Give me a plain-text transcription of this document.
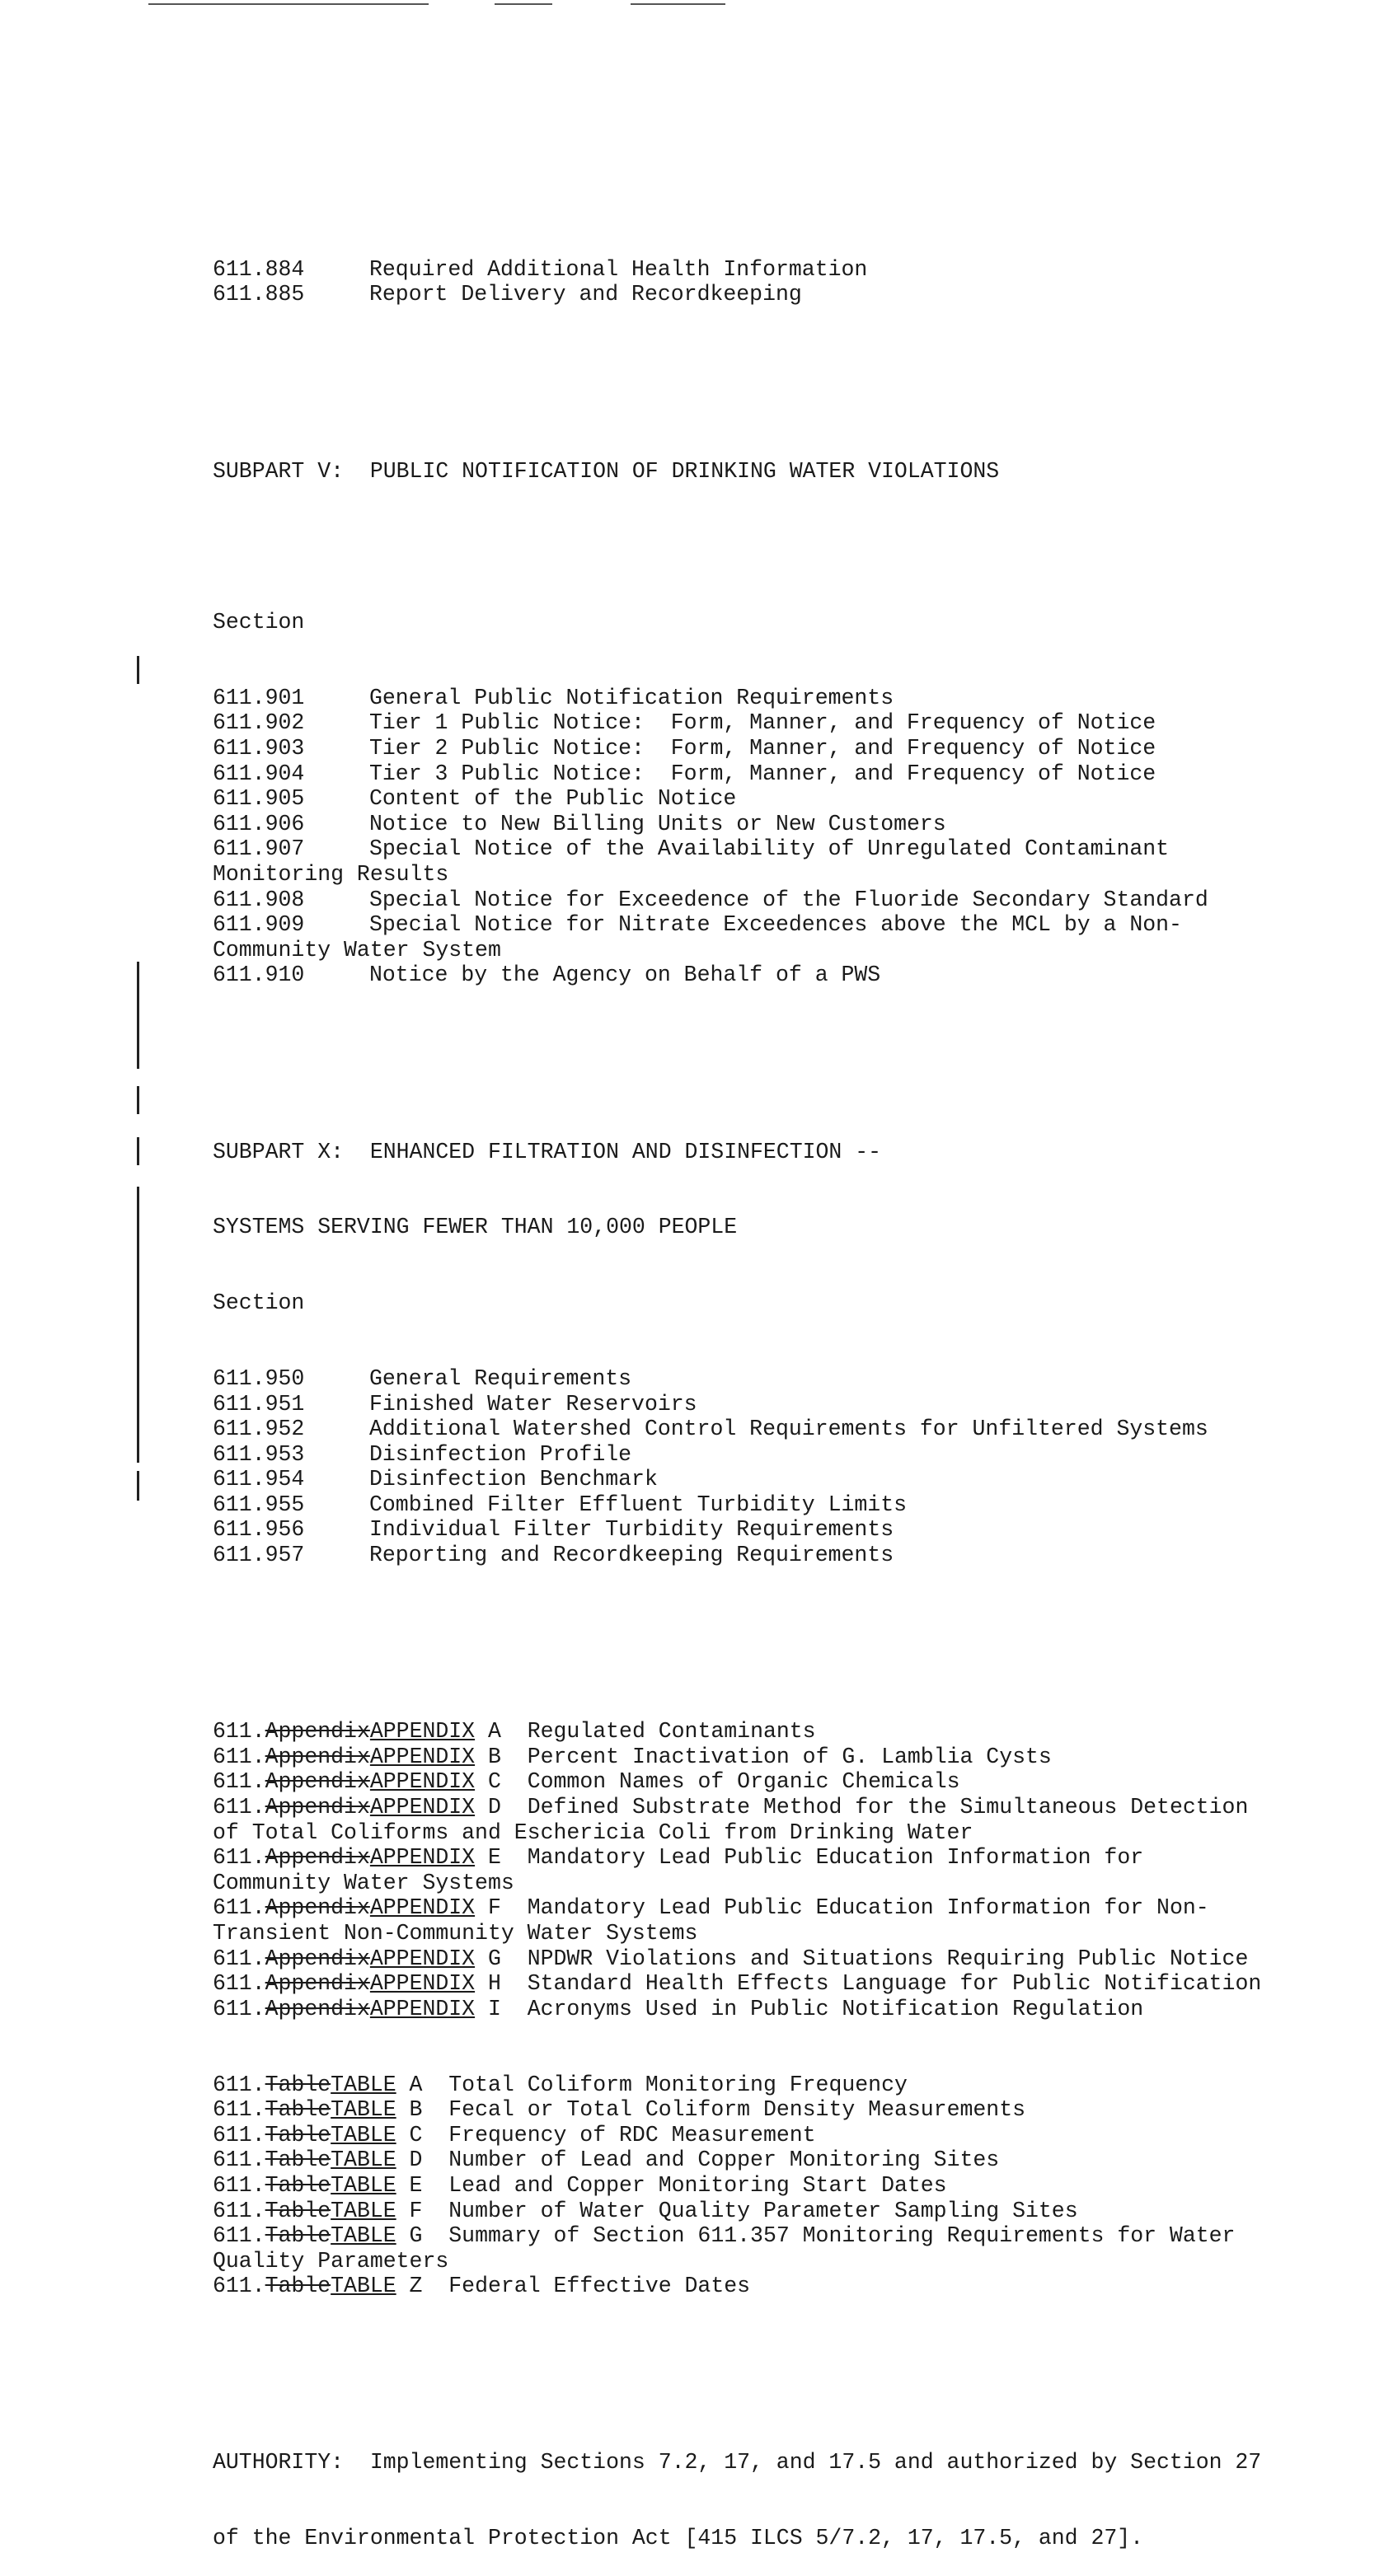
611.884	Required Additional Health Information
611.885	Report Delivery and Recordkeeping

SUBPART V:  PUBLIC NOTIFICATION OF DRINKING WATER VIOLATIONS

Section

611.901	General Public Notification Requirements
611.902	Tier 1 Public Notice:  Form, Manner, and Frequency of Notice
611.903	Tier 2 Public Notice:  Form, Manner, and Frequency of Notice
611.904	Tier 3 Public Notice:  Form, Manner, and Frequency of Notice
611.905	Content of the Public Notice
611.906	Notice to New Billing Units or New Customers
611.907	Special Notice of the Availability of Unregulated Contaminant
Monitoring Results
611.908	Special Notice for Exceedence of the Fluoride Secondary Standard
611.909	Special Notice for Nitrate Exceedences above the MCL by a Non-
Community Water System
611.910	Notice by the Agency on Behalf of a PWS

SUBPART X:  ENHANCED FILTRATION AND DISINFECTION --

SYSTEMS SERVING FEWER THAN 10,000 PEOPLE

Section

611.950	General Requirements
611.951	Finished Water Reservoirs
611.952	Additional Watershed Control Requirements for Unfiltered Systems
611.953	Disinfection Profile
611.954	Disinfection Benchmark
611.955	Combined Filter Effluent Turbidity Limits
611.956	Individual Filter Turbidity Requirements
611.957	Reporting and Recordkeeping Requirements

611.AppendixAPPENDIX A  Regulated Contaminants
611.AppendixAPPENDIX B  Percent Inactivation of G. Lamblia Cysts
611.AppendixAPPENDIX C  Common Names of Organic Chemicals
611.AppendixAPPENDIX D  Defined Substrate Method for the Simultaneous Detection
of Total Coliforms and Eschericia Coli from Drinking Water
611.AppendixAPPENDIX E  Mandatory Lead Public Education Information for
Community Water Systems
611.AppendixAPPENDIX F  Mandatory Lead Public Education Information for Non-
Transient Non-Community Water Systems
611.AppendixAPPENDIX G  NPDWR Violations and Situations Requiring Public Notice
611.AppendixAPPENDIX H  Standard Health Effects Language for Public Notification
611.AppendixAPPENDIX I  Acronyms Used in Public Notification Regulation

611.TableTABLE A  Total Coliform Monitoring Frequency
611.TableTABLE B  Fecal or Total Coliform Density Measurements
611.TableTABLE C  Frequency of RDC Measurement
611.TableTABLE D  Number of Lead and Copper Monitoring Sites
611.TableTABLE E  Lead and Copper Monitoring Start Dates
611.TableTABLE F  Number of Water Quality Parameter Sampling Sites
611.TableTABLE G  Summary of Section 611.357 Monitoring Requirements for Water
Quality Parameters
611.TableTABLE Z  Federal Effective Dates

AUTHORITY:  Implementing Sections 7.2, 17, and 17.5 and authorized by Section 27

of the Environmental Protection Act [415 ILCS 5/7.2, 17, 17.5, and 27].
